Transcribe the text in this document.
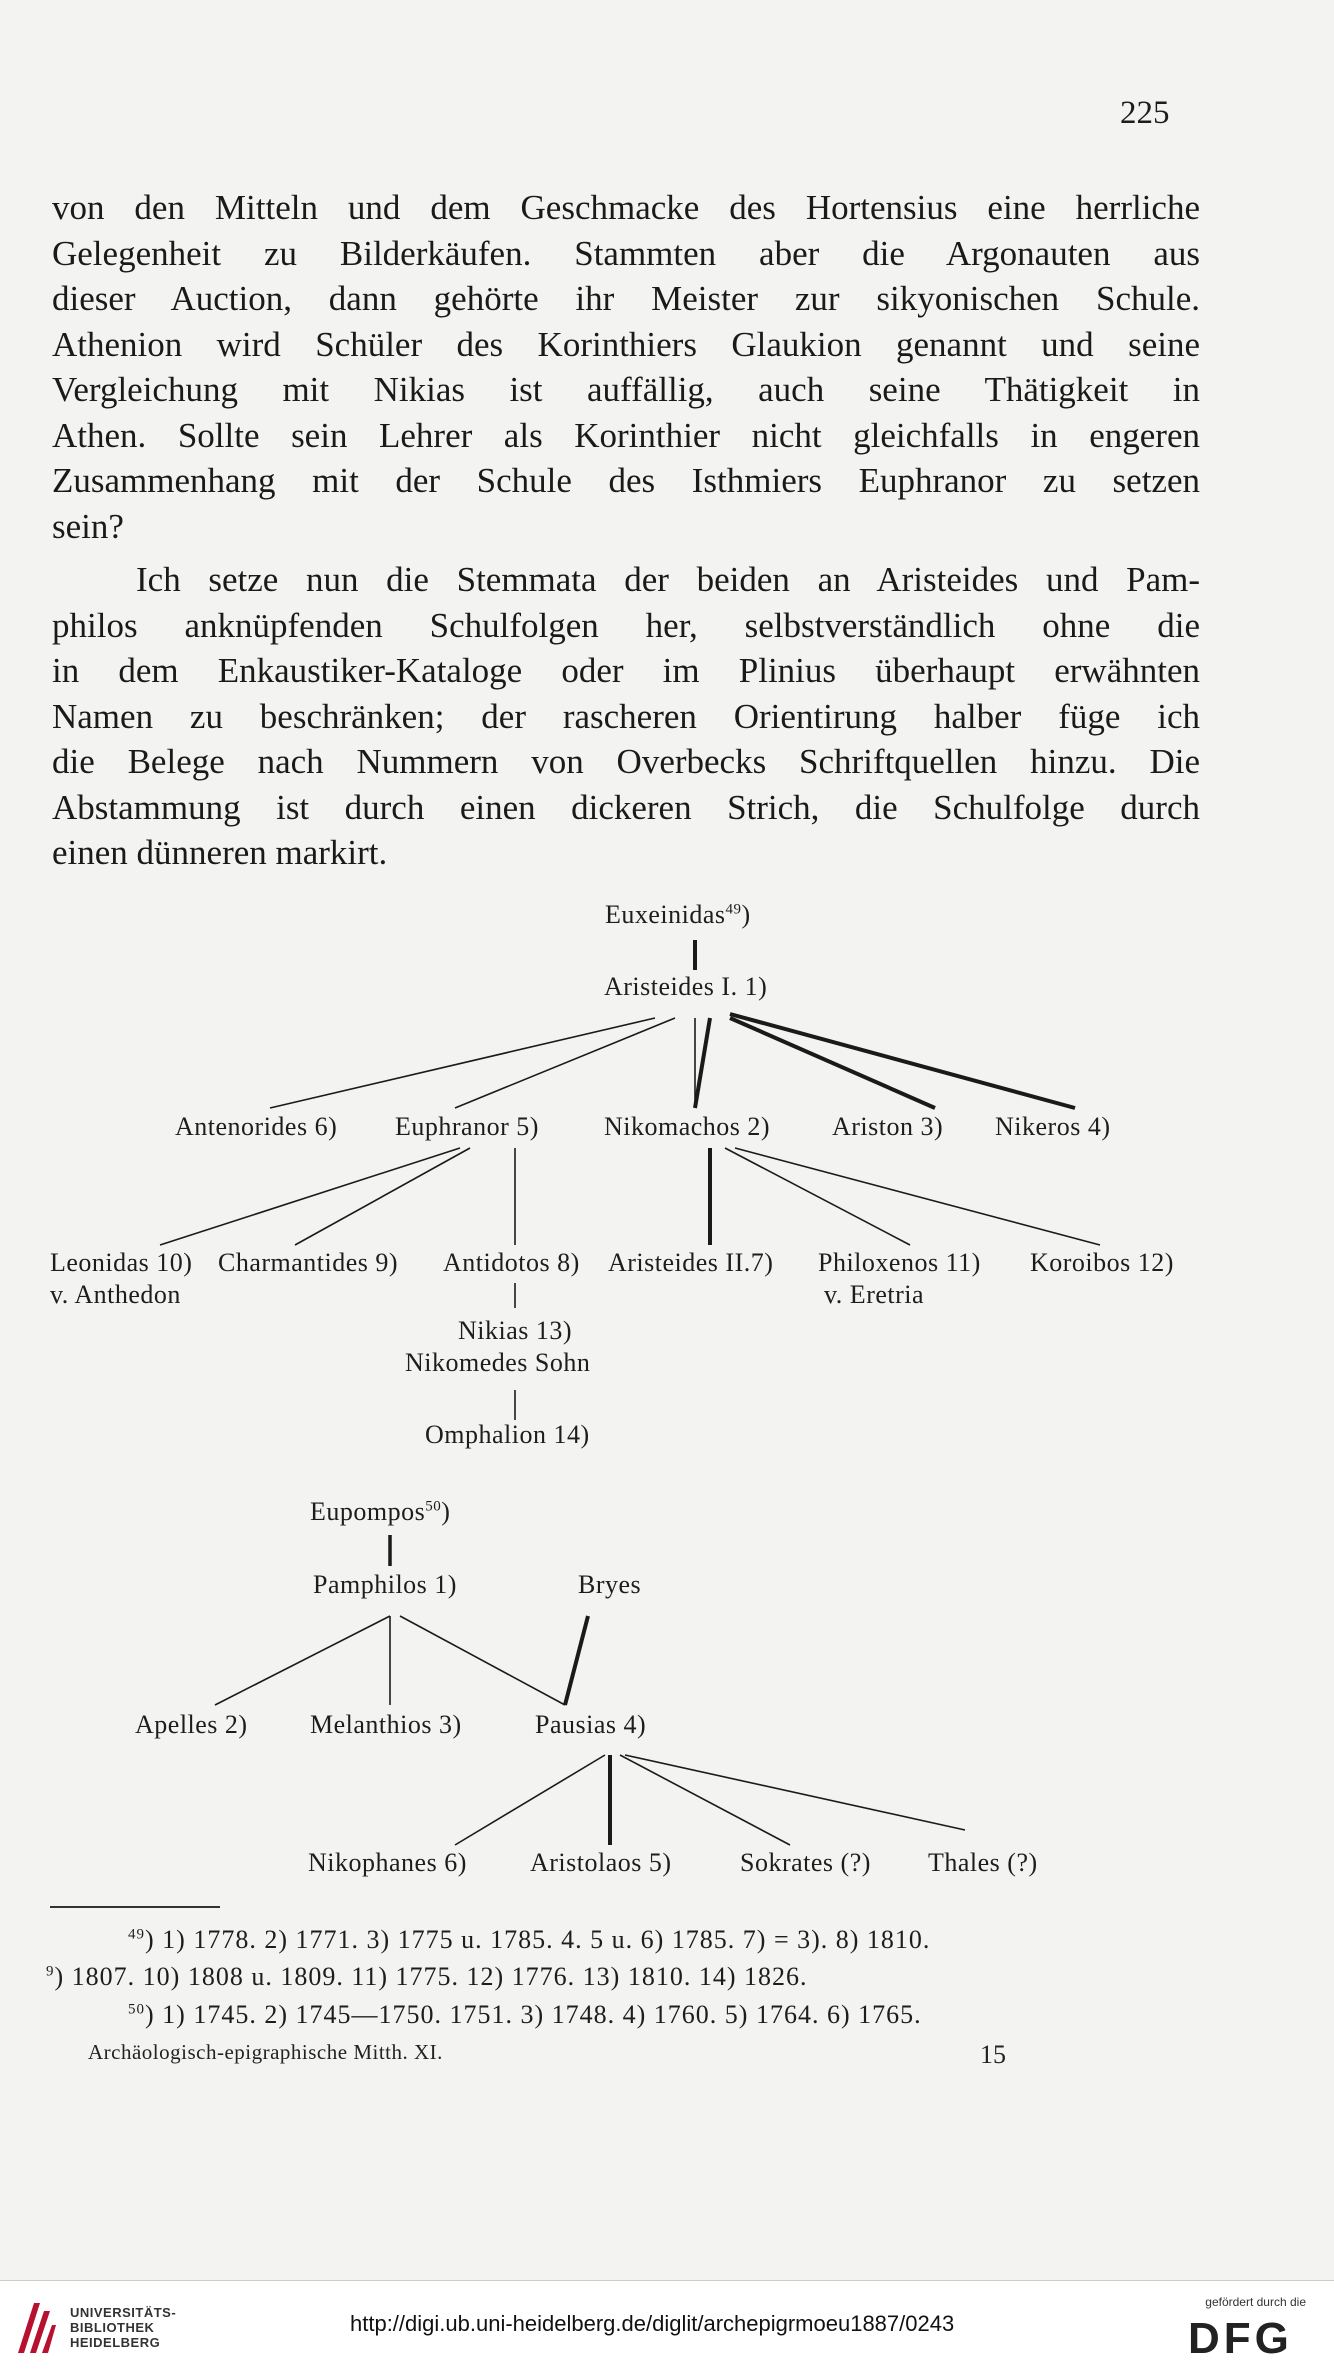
225
von den Mitteln und dem Geschmacke des Hortensius eine herrliche
Gelegenheit zu Bilderkäufen. Stammten aber die Argonauten aus
dieser Auction, dann gehörte ihr Meister zur sikyonischen Schule.
Athenion wird Schüler des Korinthiers Glaukion genannt und seine
Vergleichung mit Nikias ist auffällig, auch seine Thätigkeit in
Athen. Sollte sein Lehrer als Korinthier nicht gleichfalls in engeren
Zusammenhang mit der Schule des Isthmiers Euphranor zu setzen
sein?
Ich setze nun die Stemmata der beiden an Aristeides und Pam-
philos anknüpfenden Schulfolgen her, selbstverständlich ohne die
in dem Enkaustiker-Kataloge oder im Plinius überhaupt erwähnten
Namen zu beschränken; der rascheren Orientirung halber füge ich
die Belege nach Nummern von Overbecks Schriftquellen hinzu. Die
Abstammung ist durch einen dickeren Strich, die Schulfolge durch
einen dünneren markirt.
Euxeinidas$^{49}$)
Aristeides I. 1)
Antenorides 6) Euphranor 5)	Nikomachos 2) Ariston 3) Nikeros 4)
Leonidas 10)
v. Anthedon
Charmantides 9) Antidotos 8) Aristeides II.7) Philoxenos 11)
v. Eretria
Koroibos 12)
Nikias 13)
Nikomedes Sohn
Omphalion 14)
Eupompos$^{50}$)
Pamphilos 1)	Bryes
Apelles 2) Melanthios 3)	Pausias 4)
Nikophanes 6) Aristolaos 5)	Sokrates (?) Thales (?)
$^{49}$) 1) 1778. 2) 1771. 3) 1775 u. 1785. 4. 5 u. 6) 1785. 7) = 3). 8) 1810.
$^9$) 1807. 10) 1808 u. 1809. 11) 1775. 12) 1776. 13) 1810. 14) 1826.
$^{50}$) 1) 1745. 2) 1745—1750. 1751. 3) 1748. 4) 1760. 5) 1764. 6) 1765.
Archäologisch-epigraphische Mitth. XI.	15
UNIVERSITÄTS-
BIBLIOTHEK
HEIDELBERG
http://digi.ub.uni-heidelberg.de/diglit/archepigrmoeu1887/0243
gefördert durch die
DFG
